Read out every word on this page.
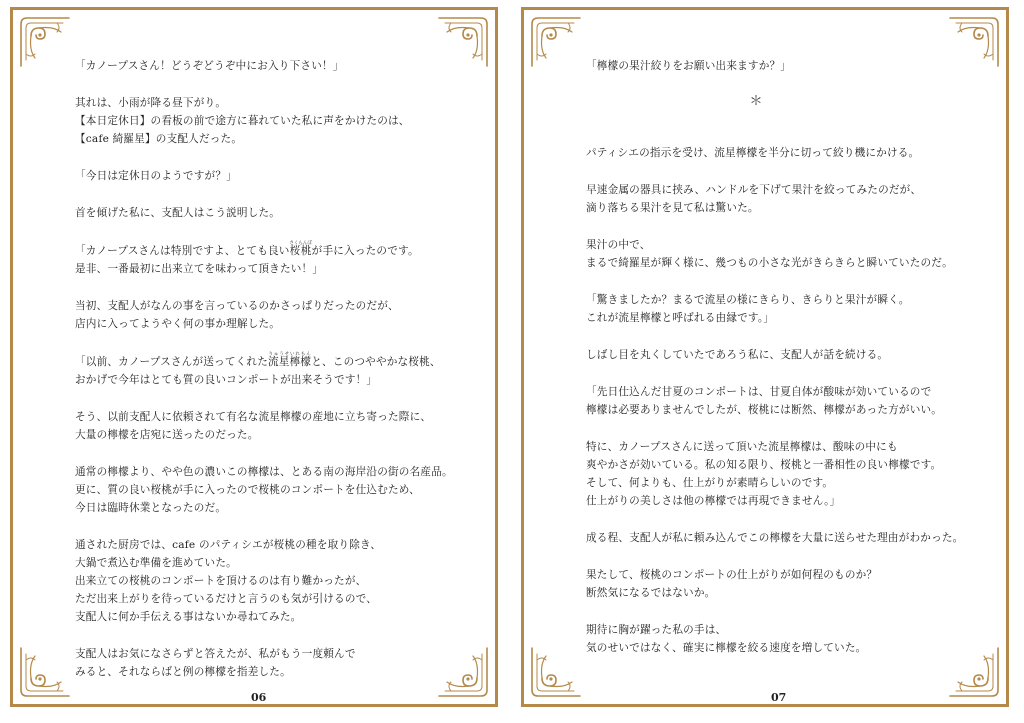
「カノープスさん！どうぞどうぞ中にお入り下さい！」
其れは、小雨が降る昼下がり。
【本日定休日】の看板の前で途方に暮れていた私に声をかけたのは、
【cafe 綺羅星】の支配人だった。
「今日は定休日のようですが？」
首を傾げた私に、支配人はこう説明した。
「カノープスさんは特別ですよ、とても良い桜桃さくらんぼが手に入ったのです。
是非、一番最初に出来立てを味わって頂きたい！」
当初、支配人がなんの事を言っているのかさっぱりだったのだが、
店内に入ってようやく何の事か理解した。
「以前、カノープスさんが送ってくれた流星檸檬りゅうせいれもんと、このつややかな桜桃、
おかげで今年はとても質の良いコンポートが出来そうです！」
そう、以前支配人に依頼されて有名な流星檸檬の産地に立ち寄った際に、
大量の檸檬を店宛に送ったのだった。
通常の檸檬より、やや色の濃いこの檸檬は、とある南の海岸沿の街の名産品。
更に、質の良い桜桃が手に入ったので桜桃のコンポートを仕込むため、
今日は臨時休業となったのだ。
通された厨房では、cafe のパティシエが桜桃の種を取り除き、
大鍋で煮込む準備を進めていた。
出来立ての桜桃のコンポートを頂けるのは有り難かったが、
ただ出来上がりを待っているだけと言うのも気が引けるので、
支配人に何か手伝える事はないか尋ねてみた。
支配人はお気になさらずと答えたが、私がもう一度頼んで
みると、それならばと例の檸檬を指差した。
06
「檸檬の果汁絞りをお願い出来ますか？」
＊
パティシエの指示を受け、流星檸檬を半分に切って絞り機にかける。
早速金属の器具に挟み、ハンドルを下げて果汁を絞ってみたのだが、
滴り落ちる果汁を見て私は驚いた。
果汁の中で、
まるで綺羅星が輝く様に、幾つもの小さな光がきらきらと瞬いていたのだ。
「驚きましたか？まるで流星の様にきらり、きらりと果汁が瞬く。
これが流星檸檬と呼ばれる由縁です。」
しばし目を丸くしていたであろう私に、支配人が話を続ける。
「先日仕込んだ甘夏のコンポートは、甘夏自体が酸味が効いているので
檸檬は必要ありませんでしたが、桜桃には断然、檸檬があった方がいい。
特に、カノープスさんに送って頂いた流星檸檬は、酸味の中にも
爽やかさが効いている。私の知る限り、桜桃と一番相性の良い檸檬です。
そして、何よりも、仕上がりが素晴らしいのです。
仕上がりの美しさは他の檸檬では再現できません。」
成る程、支配人が私に頼み込んでこの檸檬を大量に送らせた理由がわかった。
果たして、桜桃のコンポートの仕上がりが如何程のものか？
断然気になるではないか。
期待に胸が躍った私の手は、
気のせいではなく、確実に檸檬を絞る速度を増していた。
07
